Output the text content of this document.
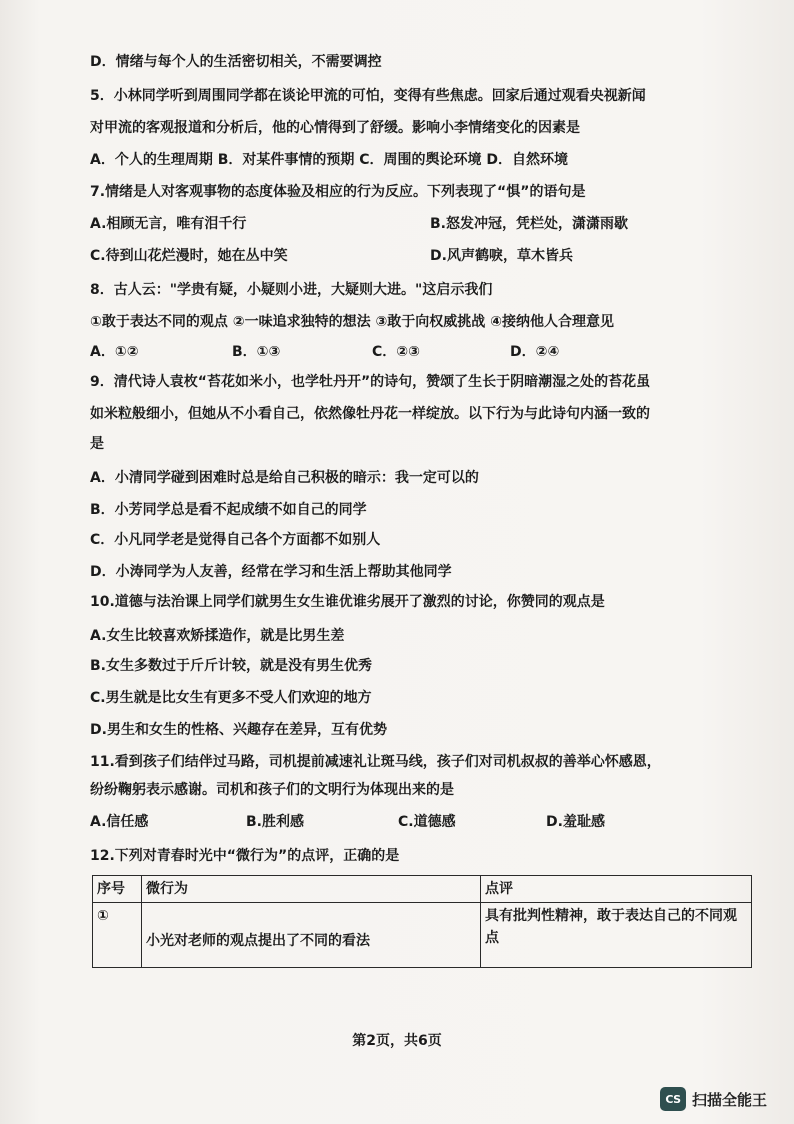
D．情绪与每个人的生活密切相关，不需要调控
5．小林同学听到周围同学都在谈论甲流的可怕，变得有些焦虑。回家后通过观看央视新闻
对甲流的客观报道和分析后，他的心情得到了舒缓。影响小李情绪变化的因素是
A．个人的生理周期 B．对某件事情的预期 C．周围的舆论环境 D．自然环境
7.情绪是人对客观事物的态度体验及相应的行为反应。下列表现了“惧”的语句是
A.相顾无言，唯有泪千行	B.怒发冲冠，凭栏处，潇潇雨歇
C.待到山花烂漫时，她在丛中笑	D.风声鹤唳，草木皆兵
8．古人云："学贵有疑，小疑则小进，大疑则大进。"这启示我们
①敢于表达不同的观点 ②一味追求独特的想法 ③敢于向权威挑战 ④接纳他人合理意见
A．①②	B．①③	C．②③	D．②④
9．清代诗人袁枚“苔花如米小，也学牡丹开”的诗句，赞颂了生长于阴暗潮湿之处的苔花虽
如米粒般细小，但她从不小看自己，依然像牡丹花一样绽放。以下行为与此诗句内涵一致的
是
A．小清同学碰到困难时总是给自己积极的暗示：我一定可以的
B．小芳同学总是看不起成绩不如自己的同学
C．小凡同学老是觉得自己各个方面都不如别人
D．小涛同学为人友善，经常在学习和生活上帮助其他同学
10.道德与法治课上同学们就男生女生谁优谁劣展开了激烈的讨论，你赞同的观点是
A.女生比较喜欢矫揉造作，就是比男生差
B.女生多数过于斤斤计较，就是没有男生优秀
C.男生就是比女生有更多不受人们欢迎的地方
D.男生和女生的性格、兴趣存在差异，互有优势
11.看到孩子们结伴过马路，司机提前减速礼让斑马线，孩子们对司机叔叔的善举心怀感恩，
纷纷鞠躬表示感谢。司机和孩子们的文明行为体现出来的是
A.信任感	B.胜利感	C.道德感	D.羞耻感
12.下列对青春时光中“微行为”的点评，正确的是
序号	微行为	点评
①	小光对老师的观点提出了不同的看法	具有批判性精神，敢于表达自己的不同观点
第2页，共6页
CS 扫描全能王
